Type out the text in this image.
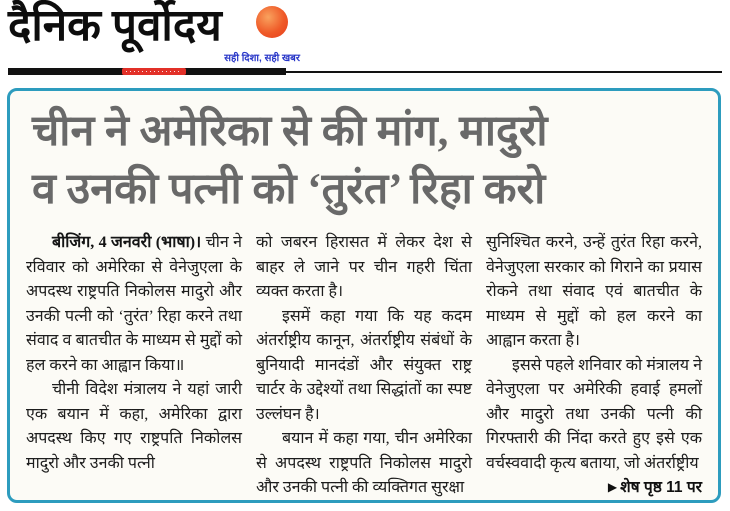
दैनिक पूर्वोदय
सही दिशा, सही खबर
चीन ने अमेरिका से की मांग, मादुरो
व उनकी पत्नी को ‘तुरंत’ रिहा करो

बीजिंग, 4 जनवरी (भाषा)। चीन ने रविवार को अमेरिका से वेनेजुएला के अपदस्थ राष्ट्रपति निकोलस मादुरो और उनकी पत्नी को ‘तुरंत’ रिहा करने तथा संवाद व बातचीत के माध्यम से मुद्दों को हल करने का आह्वान किया॥

चीनी विदेश मंत्रालय ने यहां जारी एक बयान में कहा, अमेरिका द्वारा अपदस्थ किए गए राष्ट्रपति निकोलस मादुरो और उनकी पत्नी

को जबरन हिरासत में लेकर देश से बाहर ले जाने पर चीन गहरी चिंता व्यक्त करता है।

इसमें कहा गया कि यह कदम अंतर्राष्ट्रीय कानून, अंतर्राष्ट्रीय संबंधों के बुनियादी मानदंडों और संयुक्त राष्ट्र चार्टर के उद्देश्यों तथा सिद्धांतों का स्पष्ट उल्लंघन है।

बयान में कहा गया, चीन अमेरिका से अपदस्थ राष्ट्रपति निकोलस मादुरो और उनकी पत्नी की व्यक्तिगत सुरक्षा

सुनिश्चित करने, उन्हें तुरंत रिहा करने, वेनेजुएला सरकार को गिराने का प्रयास रोकने तथा संवाद एवं बातचीत के माध्यम से मुद्दों को हल करने का आह्वान करता है।

इससे पहले शनिवार को मंत्रालय ने वेनेजुएला पर अमेरिकी हवाई हमलों और मादुरो तथा उनकी पत्नी की गिरफ्तारी की निंदा करते हुए इसे एक वर्चस्ववादी कृत्य बताया, जो अंतर्राष्ट्रीय
▶ शेष पृष्ठ 11 पर
